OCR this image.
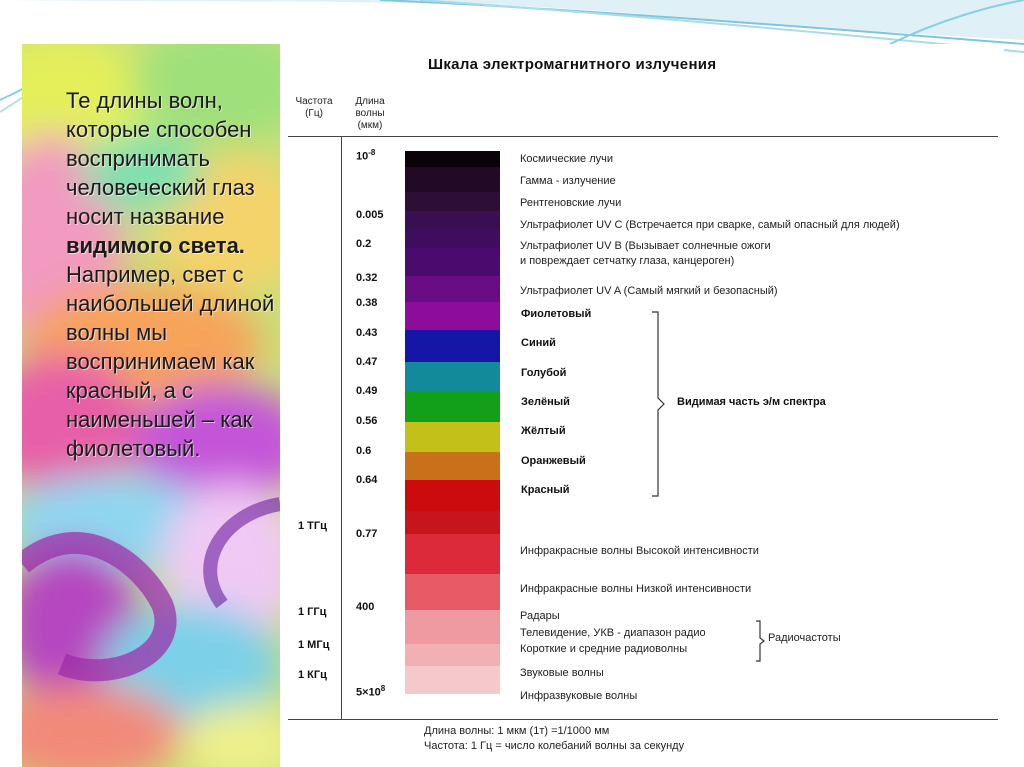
Те длины волн, которые способен воспринимать человеческий глаз носит название видимого света. Например, свет с наибольшей длиной волны мы воспринимаем как красный, а с наименьшей – как фиолетовый.
Шкала электромагнитного излучения
Частота (Гц)
Длина волны (мкм)
$10^{-8}$
0.005
0.2
0.32
0.38
0.43
0.47
0.49
0.56
0.6
0.64
0.77
400
$5\times 10^8$
1 ТГц
1 ГГц
1 МГц
1 КГц
Космические лучи
Гамма - излучение
Рентгеновские лучи
Ультрафиолет UV C (Встречается при сварке, самый опасный для людей)
Ультрафиолет UV B (Вызывает солнечные ожоги
и повреждает сетчатку глаза, канцероген)
Ультрафиолет UV A (Самый мягкий и безопасный)
Инфракрасные волны Высокой интенсивности
Инфракрасные волны Низкой интенсивности
Радары
Телевидение, УКВ - диапазон радио
Короткие и средние радиоволны
Звуковые волны
Инфразвуковые волны
Фиолетовый
Синий
Голубой
Зелёный
Жёлтый
Оранжевый
Красный
Видимая часть э/м спектра
Радиочастоты
Длина волны: 1 мкм (1т) =1/1000 мм
Частота: 1 Гц = число колебаний волны за секунду
